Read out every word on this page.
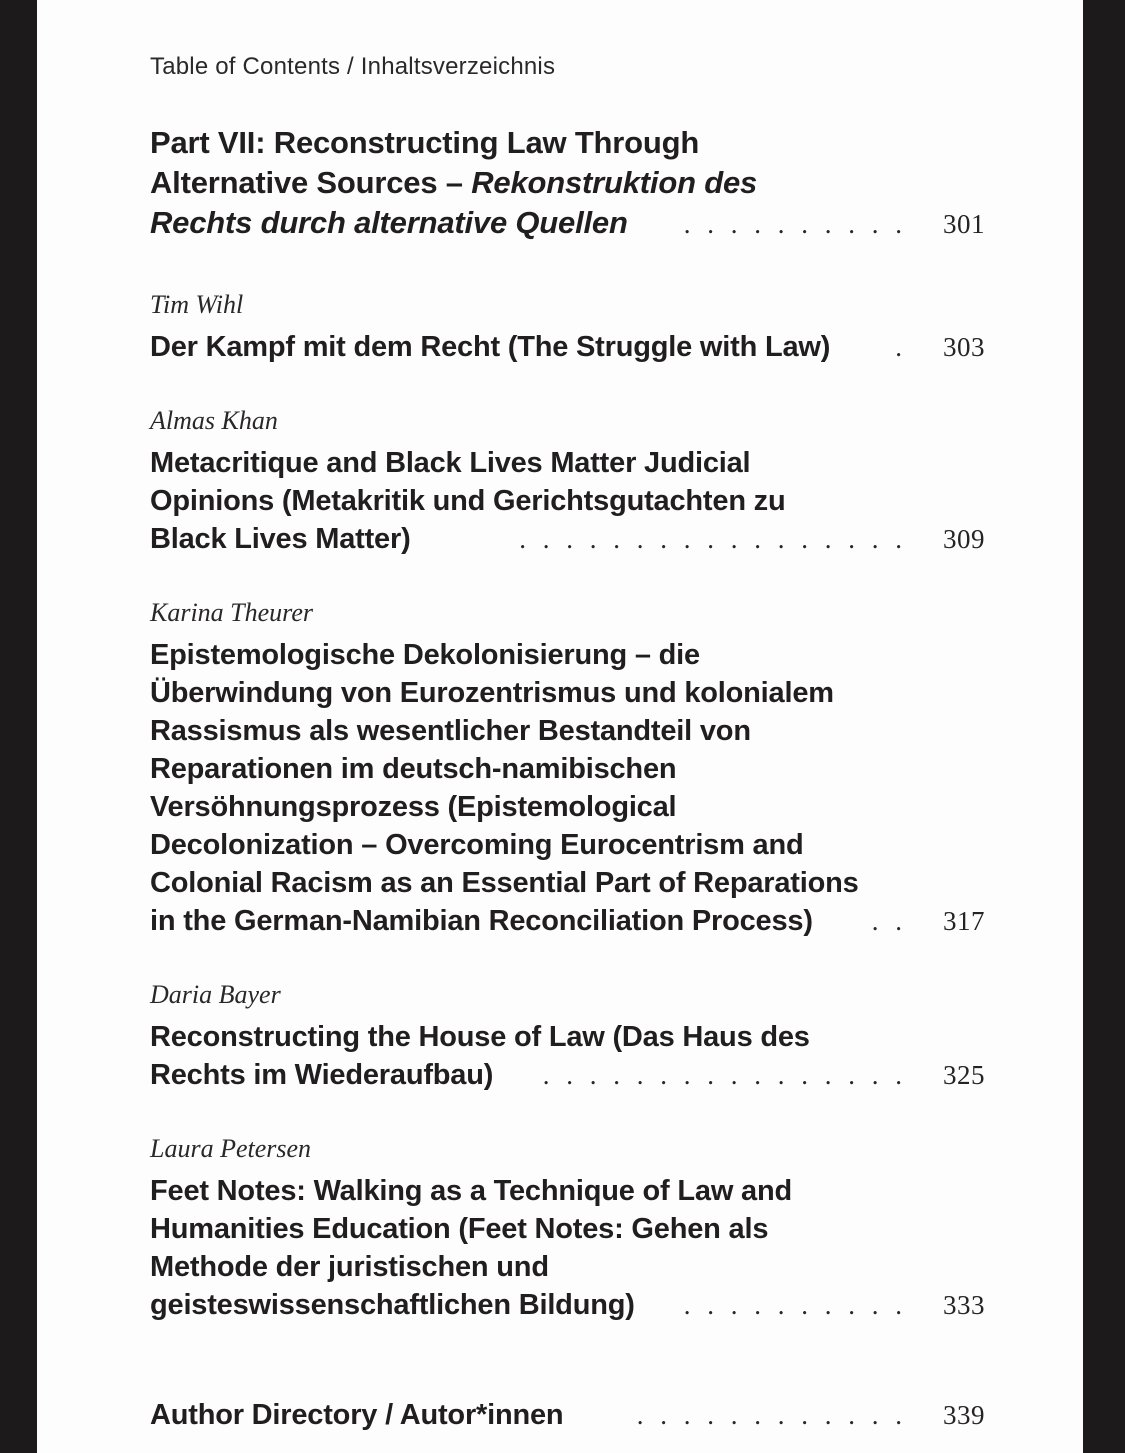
Table of Contents / Inhaltsverzeichnis
Part VII: Reconstructing Law Through
Alternative Sources – Rekonstruktion des
Rechts durch alternative Quellen . . . . . . . . . .	301
Tim Wihl
Der Kampf mit dem Recht (The Struggle with Law) .	303
Almas Khan
Metacritique and Black Lives Matter Judicial
Opinions (Metakritik und Gerichtsgutachten zu
Black Lives Matter)	. . . . . . . . . . . . . . . . .	309
Karina Theurer
Epistemologische Dekolonisierung – die
Überwindung von Eurozentrismus und kolonialem
Rassismus als wesentlicher Bestandteil von
Reparationen im deutsch-namibischen
Versöhnungsprozess (Epistemological
Decolonization – Overcoming Eurocentrism and
Colonial Racism as an Essential Part of Reparations
in the German-Namibian Reconciliation Process) . .	317
Daria Bayer
Reconstructing the House of Law (Das Haus des
Rechts im Wiederaufbau) . . . . . . . . . . . . . . . .	325
Laura Petersen
Feet Notes: Walking as a Technique of Law and
Humanities Education (Feet Notes: Gehen als
Methode der juristischen und
geisteswissenschaftlichen Bildung) . . . . . . . . . .	333
Author Directory / Autor*innen	. . . . . . . . . . . .	339
